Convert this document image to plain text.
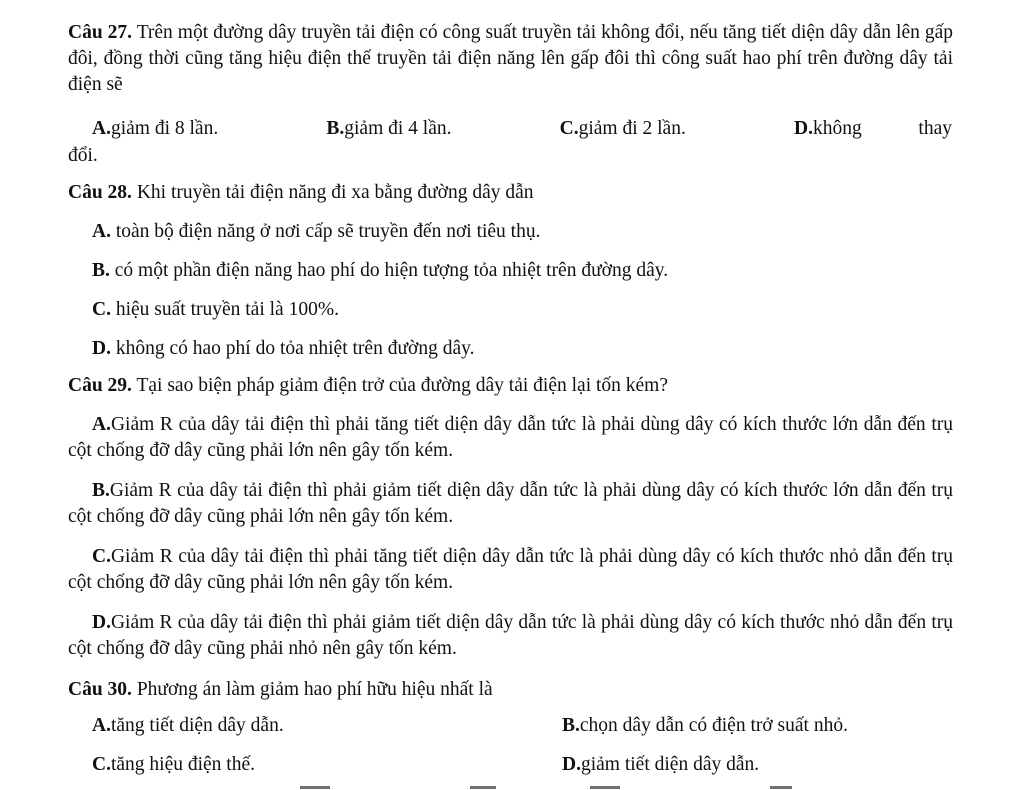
Câu 27. Trên một đường dây truyền tải điện có công suất truyền tải không đổi, nếu tăng tiết diện dây dẫn lên gấp đôi, đồng thời cũng tăng hiệu điện thế truyền tải điện năng lên gấp đôi thì công suất hao phí trên đường dây tải điện sẽ
A.giảm đi 8 lần.	B.giảm đi 4 lần.	C.giảm đi 2 lần.	D.không	thay
đổi.
Câu 28. Khi truyền tải điện năng đi xa bằng đường dây dẫn
A. toàn bộ điện năng ở nơi cấp sẽ truyền đến nơi tiêu thụ.
B. có một phần điện năng hao phí do hiện tượng tỏa nhiệt trên đường dây.
C. hiệu suất truyền tải là 100%.
D. không có hao phí do tỏa nhiệt trên đường dây.
Câu 29. Tại sao biện pháp giảm điện trở của đường dây tải điện lại tốn kém?
A.Giảm R của dây tải điện thì phải tăng tiết diện dây dẫn tức là phải dùng dây có kích thước lớn dẫn đến trụ cột chống đỡ dây cũng phải lớn nên gây tốn kém.
B.Giảm R của dây tải điện thì phải giảm tiết diện dây dẫn tức là phải dùng dây có kích thước lớn dẫn đến trụ cột chống đỡ dây cũng phải lớn nên gây tốn kém.
C.Giảm R của dây tải điện thì phải tăng tiết diện dây dẫn tức là phải dùng dây có kích thước nhỏ dẫn đến trụ cột chống đỡ dây cũng phải lớn nên gây tốn kém.
D.Giảm R của dây tải điện thì phải giảm tiết diện dây dẫn tức là phải dùng dây có kích thước nhỏ dẫn đến trụ cột chống đỡ dây cũng phải nhỏ nên gây tốn kém.
Câu 30. Phương án làm giảm hao phí hữu hiệu nhất là
A.tăng tiết diện dây dẫn.	B.chọn dây dẫn có điện trở suất nhỏ.
C.tăng hiệu điện thế.	D.giảm tiết diện dây dẫn.
